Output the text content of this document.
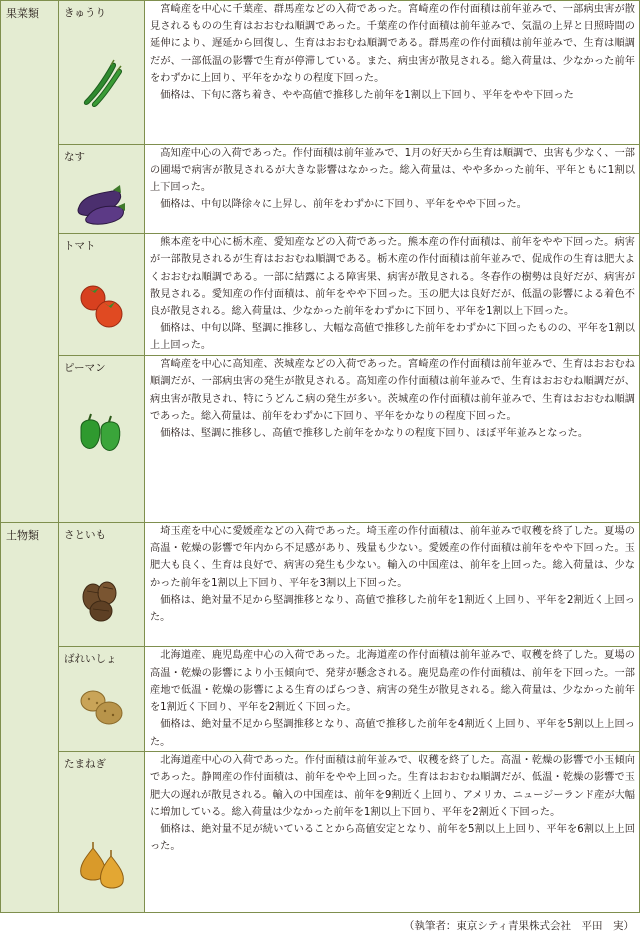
果菜類	きゅうり	宮崎産を中心に千葉産、群馬産などの入荷であった。宮崎産の作付面積は前年並みで、一部病虫害が散見されるものの生育はおおむね順調であった。千葉産の作付面積は前年並みで、気温の上昇と日照時間の延伸により、遅延から回復し、生育はおおむね順調である。群馬産の作付面積は前年並みで、生育は順調だが、一部低温の影響で生育が停滞している。また、病虫害が散見される。総入荷量は、少なかった前年をわずかに上回り、平年をかなりの程度下回った。

価格は、下旬に落ち着き、やや高値で推移した前年を1割以上下回り、平年をやや下回った

	なす	高知産中心の入荷であった。作付面積は前年並みで、1月の好天から生育は順調で、虫害も少なく、一部の圃場で病害が散見されるが大きな影響はなかった。総入荷量は、やや多かった前年、平年ともに1割以上下回った。

価格は、中旬以降徐々に上昇し、前年をわずかに下回り、平年をやや下回った。

	トマト	熊本産を中心に栃木産、愛知産などの入荷であった。熊本産の作付面積は、前年をやや下回った。病害が一部散見されるが生育はおおむね順調である。栃木産の作付面積は前年並みで、促成作の生育は肥大よくおおむね順調である。一部に結露による障害果、病害が散見される。冬春作の樹勢は良好だが、病害が散見される。愛知産の作付面積は、前年をやや下回った。玉の肥大は良好だが、低温の影響による着色不良が散見される。総入荷量は、少なかった前年をわずかに下回り、平年を1割以上下回った。

価格は、中旬以降、堅調に推移し、大幅な高値で推移した前年をわずかに下回ったものの、平年を1割以上上回った。

	ピーマン	宮崎産を中心に高知産、茨城産などの入荷であった。宮崎産の作付面積は前年並みで、生育はおおむね順調だが、一部病虫害の発生が散見される。高知産の作付面積は前年並みで、生育はおおむね順調だが、病虫害が散見され、特にうどんこ病の発生が多い。茨城産の作付面積は前年並みで、生育はおおむね順調であった。総入荷量は、前年をわずかに下回り、平年をかなりの程度下回った。

価格は、堅調に推移し、高値で推移した前年をかなりの程度下回り、ほぼ平年並みとなった。

土物類	さといも	埼玉産を中心に愛媛産などの入荷であった。埼玉産の作付面積は、前年並みで収穫を終了した。夏場の高温・乾燥の影響で年内から不足感があり、残量も少ない。愛媛産の作付面積は前年をやや下回った。玉肥大も良く、生育は良好で、病害の発生も少ない。輸入の中国産は、前年を上回った。総入荷量は、少なかった前年を1割以上下回り、平年を3割以上下回った。

価格は、絶対量不足から堅調推移となり、高値で推移した前年を1割近く上回り、平年を2割近く上回った。

	ばれいしょ	北海道産、鹿児島産中心の入荷であった。北海道産の作付面積は前年並みで、収穫を終了した。夏場の高温・乾燥の影響により小玉傾向で、発芽が懸念される。鹿児島産の作付面積は、前年を下回った。一部産地で低温・乾燥の影響による生育のばらつき、病害の発生が散見される。総入荷量は、少なかった前年を1割近く下回り、平年を2割近く下回った。

価格は、絶対量不足から堅調推移となり、高値で推移した前年を4割近く上回り、平年を5割以上上回った。

	たまねぎ	北海道産中心の入荷であった。作付面積は前年並みで、収穫を終了した。高温・乾燥の影響で小玉傾向であった。静岡産の作付面積は、前年をやや上回った。生育はおおむね順調だが、低温・乾燥の影響で玉肥大の遅れが散見される。輸入の中国産は、前年を9割近く上回り、アメリカ、ニュージーランド産が大幅に増加している。総入荷量は少なかった前年を1割以上下回り、平年を2割近く下回った。

価格は、絶対量不足が続いていることから高値安定となり、前年を5割以上上回り、平年を6割以上上回った。

（執筆者：東京シティ青果株式会社　平田　実）
